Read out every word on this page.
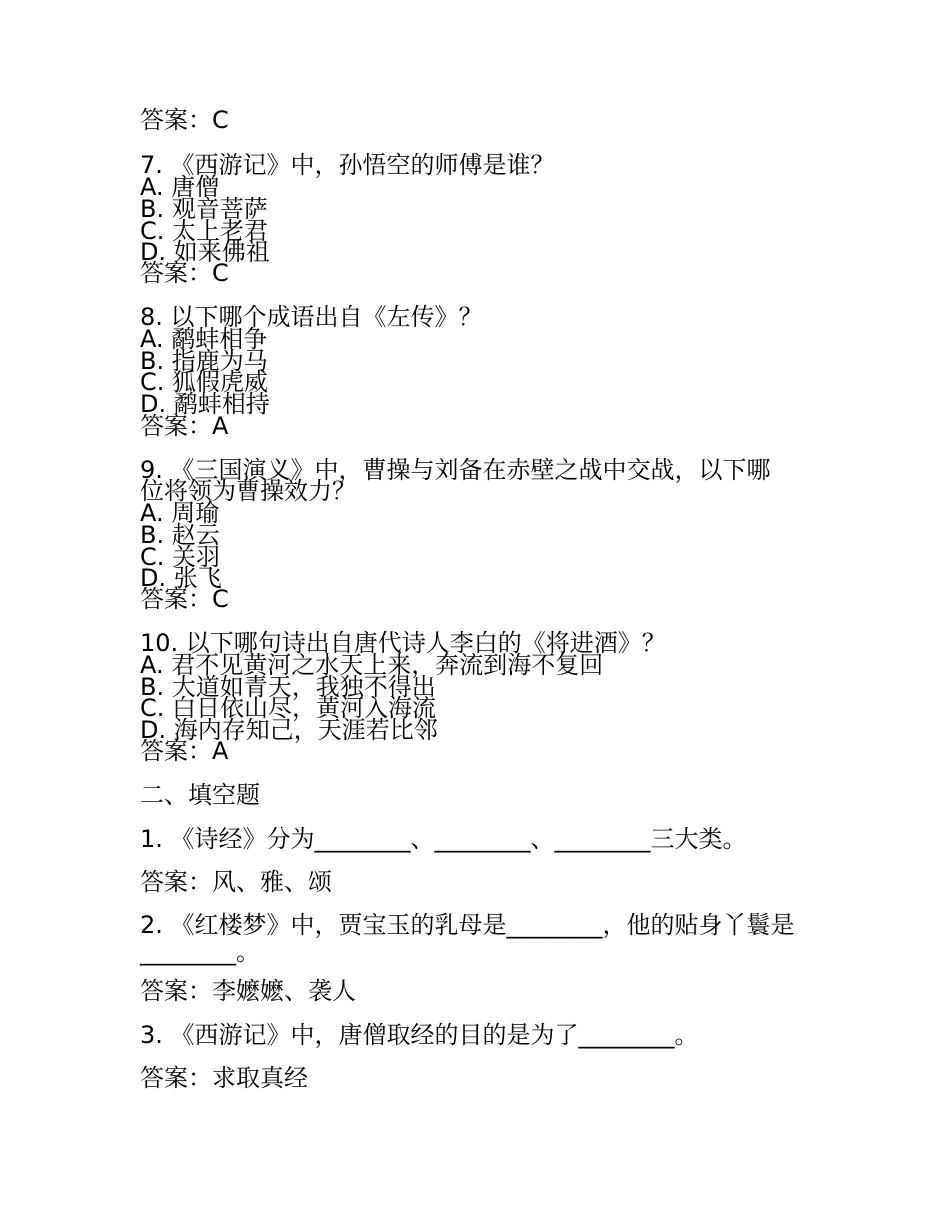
答案：C
7. 《西游记》中，孙悟空的师傅是谁？
A. 唐僧
B. 观音菩萨
C. 太上老君
D. 如来佛祖
答案：C
8. 以下哪个成语出自《左传》？
A. 鹬蚌相争
B. 指鹿为马
C. 狐假虎威
D. 鹬蚌相持
答案：A
9. 《三国演义》中，曹操与刘备在赤壁之战中交战，以下哪
位将领为曹操效力？
A. 周瑜
B. 赵云
C. 关羽
D. 张飞
答案：C
10. 以下哪句诗出自唐代诗人李白的《将进酒》？
A. 君不见黄河之水天上来，奔流到海不复回
B. 大道如青天，我独不得出
C. 白日依山尽，黄河入海流
D. 海内存知己，天涯若比邻
答案：A
二、填空题
1. 《诗经》分为________、________、________三大类。
答案：风、雅、颂
2. 《红楼梦》中，贾宝玉的乳母是________，他的贴身丫鬟是
________。
答案：李嬷嬷、袭人
3. 《西游记》中，唐僧取经的目的是为了________。
答案：求取真经
